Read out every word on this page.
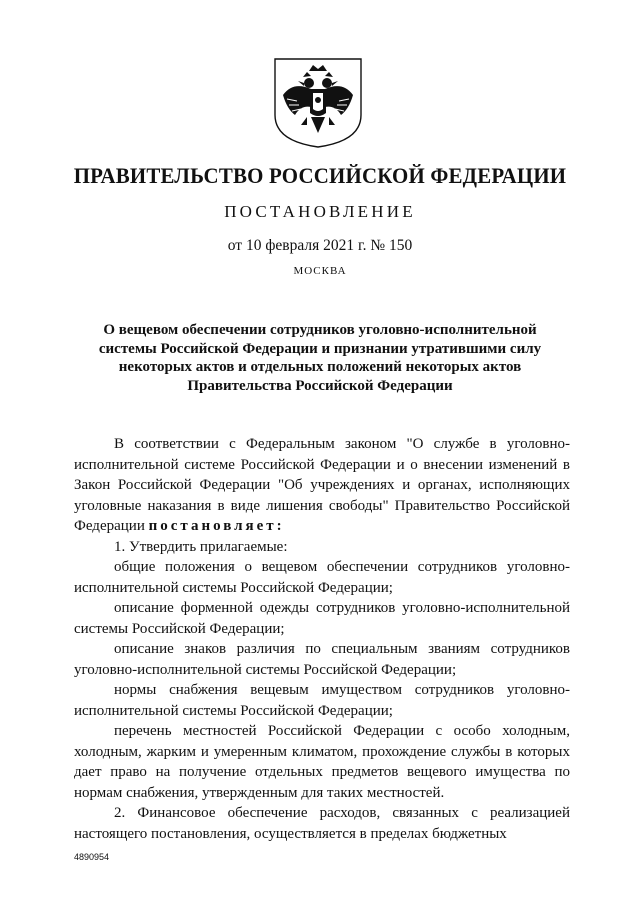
ПРАВИТЕЛЬСТВО РОССИЙСКОЙ ФЕДЕРАЦИИ
ПОСТАНОВЛЕНИЕ
от 10 февраля 2021 г. № 150
МОСКВА
О вещевом обеспечении сотрудников уголовно-исполнительной
системы Российской Федерации и признании утратившими силу
некоторых актов и отдельных положений некоторых актов
Правительства Российской Федерации

В соответствии с Федеральным законом "О службе в уголовно-исполнительной системе Российской Федерации и о внесении изменений в Закон Российской Федерации "Об учреждениях и органах, исполняющих уголовные наказания в виде лишения свободы" Правительство Российской Федерации постановляет:

1. Утвердить прилагаемые:

общие положения о вещевом обеспечении сотрудников уголовно-исполнительной системы Российской Федерации;

описание форменной одежды сотрудников уголовно-исполнительной системы Российской Федерации;

описание знаков различия по специальным званиям сотрудников уголовно-исполнительной системы Российской Федерации;

нормы снабжения вещевым имуществом сотрудников уголовно-исполнительной системы Российской Федерации;

перечень местностей Российской Федерации с особо холодным, холодным, жарким и умеренным климатом, прохождение службы в которых дает право на получение отдельных предметов вещевого имущества по нормам снабжения, утвержденным для таких местностей.

2. Финансовое обеспечение расходов, связанных с реализацией настоящего постановления, осуществляется в пределах бюджетных

4890954
